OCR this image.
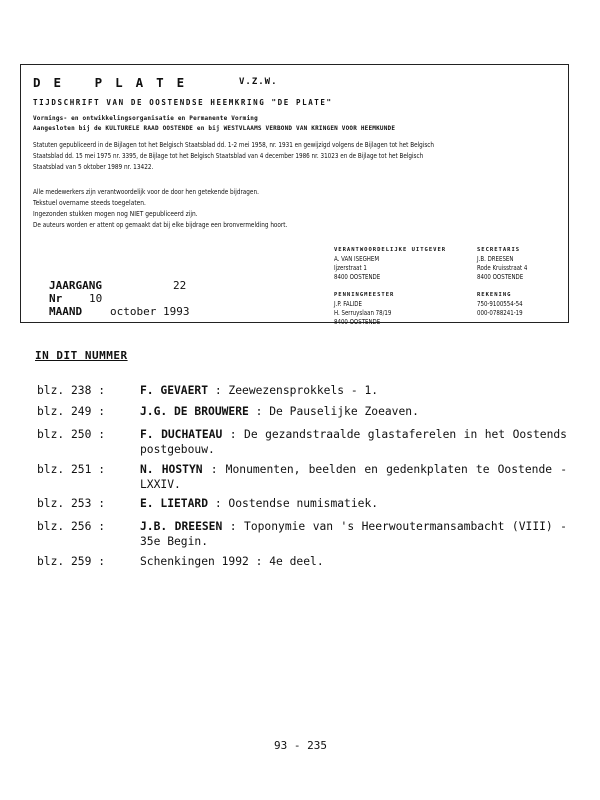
DE PLATE	V.Z.W.
TIJDSCHRIFT VAN DE OOSTENDSE HEEMKRING "DE PLATE"
Vormings- en ontwikkelingsorganisatie en Permanente Vorming
Aangesloten bij de KULTURELE RAAD OOSTENDE en bij WESTVLAAMS VERBOND VAN KRINGEN VOOR HEEMKUNDE
Statuten gepubliceerd in de Bijlagen tot het Belgisch Staatsblad dd. 1-2 mei 1958, nr. 1931 en gewijzigd volgens de Bijlagen tot het Belgisch
Staatsblad dd. 15 mei 1975 nr. 3395, de Bijlage tot het Belgisch Staatsblad van 4 december 1986 nr. 31023 en de Bijlage tot het Belgisch
Staatsblad van 5 oktober 1989 nr. 13422.
Alle medewerkers zijn verantwoordelijk voor de door hen getekende bijdragen.
Tekstuel overname steeds toegelaten.
Ingezonden stukken mogen nog NIET gepubliceerd zijn.
De auteurs worden er attent op gemaakt dat bij elke bijdrage een bronvermelding hoort.
VERANTWOORDELIJKE UITGEVER
A. VAN ISEGHEM
Ijzerstraat 1
8400 OOSTENDE
SECRETARIS
J.B. DREESEN
Rode Kruisstraat 4
8400 OOSTENDE
PENNINGMEESTER
J.P. FALIDE
H. Serruyslaan 78/19
8400 OOSTENDE
REKENING
750-9100554-54
000-0788241-19
JAARGANG	22
Nr 10
MAAND	october 1993
IN DIT NUMMER
blz. 238 :	F. GEVAERT : Zeewezensprokkels - 1.
blz. 249 :	J.G. DE BROUWERE : De Pauselijke Zoeaven.
blz. 250 :	F. DUCHATEAU : De gezandstraalde glastaferelen in het Oostends postgebouw.
blz. 251 :	N. HOSTYN : Monumenten, beelden en gedenkplaten te Oostende - LXXIV.
blz. 253 :	E. LIETARD : Oostendse numismatiek.
blz. 256 :	J.B. DREESEN : Toponymie van 's Heerwoutermansambacht (VIII) - 35e Begin.
blz. 259 :	Schenkingen 1992 : 4e deel.
93 - 235
